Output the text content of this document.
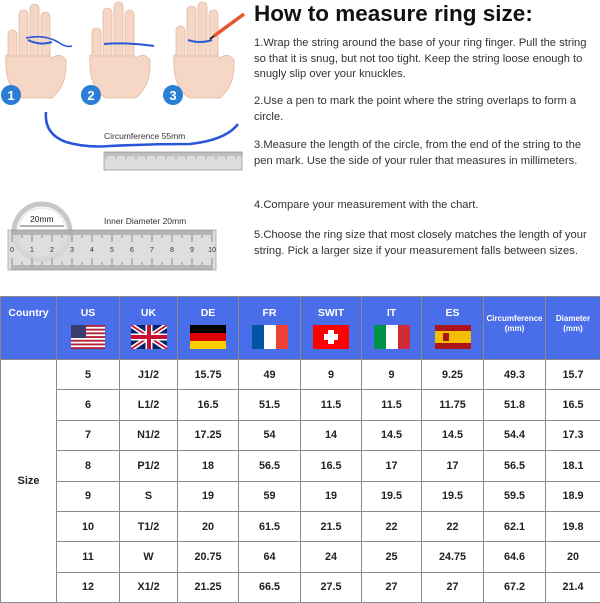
1	2	3
Circumference 55mm
20mm	Inner Diameter 20mm
0 1 2 3 4 5 6 7 8 9 10
How to measure ring size:
1.Wrap the string around the base of your ring finger. Pull the string so that it is snug, but not too tight. Keep the string loose enough to snugly slip over your knuckles.
2.Use a pen to mark the point where the string overlaps to form a circle.
3.Measure the length of the circle, from the end of the string to the pen mark. Use the side of your ruler that measures in millimeters.
4.Compare your measurement with the chart.
5.Choose the ring size that most closely matches the length of your string. Pick a larger size if your measurement falls between sizes.
Country	US	UK	DE	FR	SWIT	IT	ES	Circumference (mm)	Diameter (mm)

Size	5	J1/2	15.75	49	9	9	9.25	49.3	15.7
	6	L1/2	16.5	51.5	11.5	11.5	11.75	51.8	16.5
	7	N1/2	17.25	54	14	14.5	14.5	54.4	17.3
	8	P1/2	18	56.5	16.5	17	17	56.5	18.1
	9	S	19	59	19	19.5	19.5	59.5	18.9
	10	T1/2	20	61.5	21.5	22	22	62.1	19.8
	11	W	20.75	64	24	25	24.75	64.6	20
	12	X1/2	21.25	66.5	27.5	27	27	67.2	21.4
